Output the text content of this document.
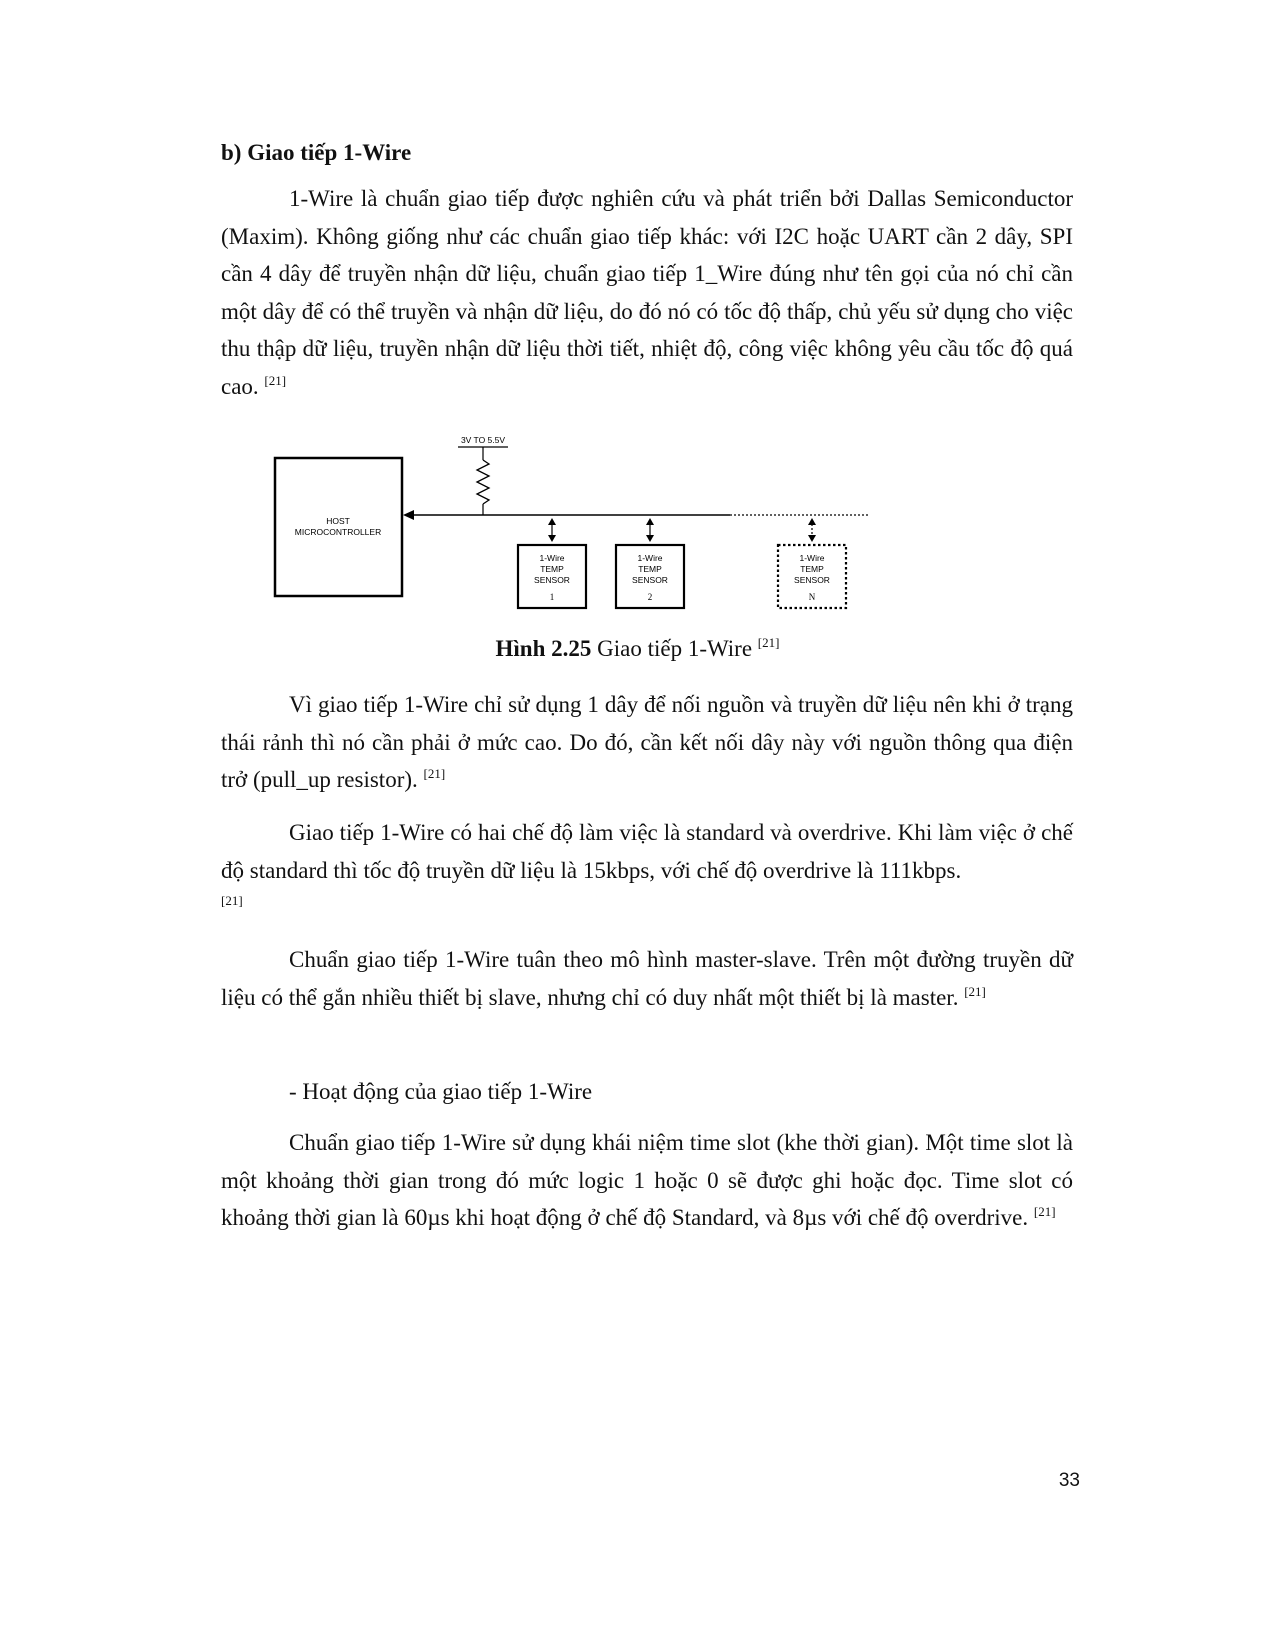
b) Giao tiếp 1-Wire

1-Wire là chuẩn giao tiếp được nghiên cứu và phát triển bởi Dallas Semiconductor (Maxim). Không giống như các chuẩn giao tiếp khác: với I2C hoặc UART cần 2 dây, SPI cần 4 dây để truyền nhận dữ liệu, chuẩn giao tiếp 1_Wire đúng như tên gọi của nó chỉ cần một dây để có thể truyền và nhận dữ liệu, do đó nó có tốc độ thấp, chủ yếu sử dụng cho việc thu thập dữ liệu, truyền nhận dữ liệu thời tiết, nhiệt độ, công việc không yêu cầu tốc độ quá cao. [21]

HOST
MICROCONTROLLER
3V TO 5.5V
1-Wire
TEMP
SENSOR
1
1-Wire
TEMP
SENSOR
2
1-Wire
TEMP
SENSOR
N

Hình 2.25 Giao tiếp 1-Wire [21]

Vì giao tiếp 1-Wire chỉ sử dụng 1 dây để nối nguồn và truyền dữ liệu nên khi ở trạng thái rảnh thì nó cần phải ở mức cao. Do đó, cần kết nối dây này với nguồn thông qua điện trở (pull_up resistor). [21]

Giao tiếp 1-Wire có hai chế độ làm việc là standard và overdrive. Khi làm việc ở chế độ standard thì tốc độ truyền dữ liệu là 15kbps, với chế độ overdrive là 111kbps.

[21]

Chuẩn giao tiếp 1-Wire tuân theo mô hình master-slave. Trên một đường truyền dữ liệu có thể gắn nhiều thiết bị slave, nhưng chỉ có duy nhất một thiết bị là master. [21]

- Hoạt động của giao tiếp 1-Wire

Chuẩn giao tiếp 1-Wire sử dụng khái niệm time slot (khe thời gian). Một time slot là một khoảng thời gian trong đó mức logic 1 hoặc 0 sẽ được ghi hoặc đọc. Time slot có khoảng thời gian là 60µs khi hoạt động ở chế độ Standard, và 8µs với chế độ overdrive. [21]

33
